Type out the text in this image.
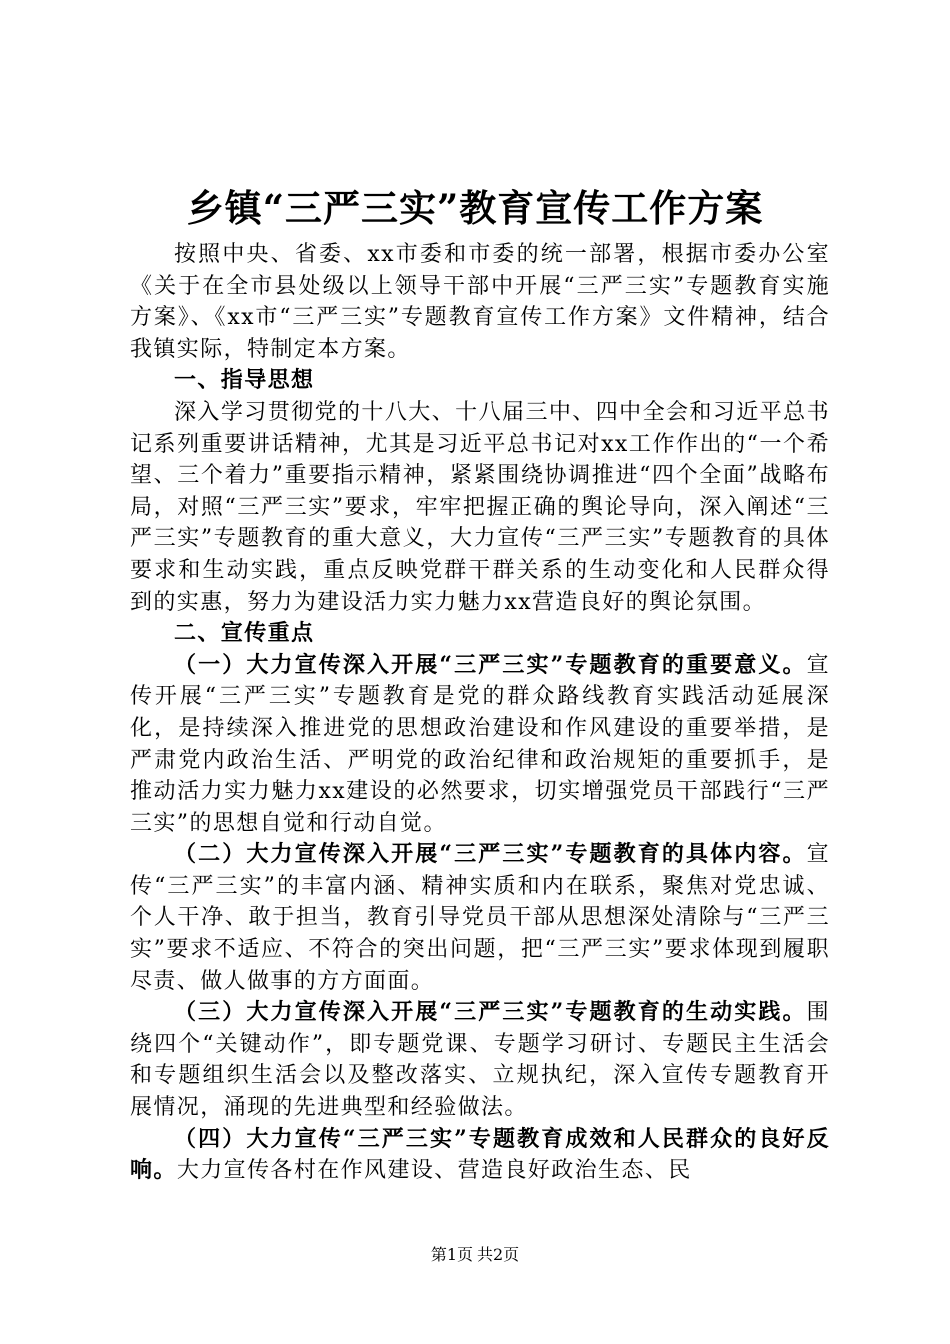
乡镇“三严三实”教育宣传工作方案

按照中央、省委、xx市委和市委的统一部署，根据市委办公室《关于在全市县处级以上领导干部中开展“三严三实”专题教育实施方案》、《xx市“三严三实”专题教育宣传工作方案》文件精神，结合我镇实际，特制定本方案。

一、指导思想

深入学习贯彻党的十八大、十八届三中、四中全会和习近平总书记系列重要讲话精神，尤其是习近平总书记对xx工作作出的“一个希望、三个着力”重要指示精神，紧紧围绕协调推进“四个全面”战略布局，对照“三严三实”要求，牢牢把握正确的舆论导向，深入阐述“三严三实”专题教育的重大意义，大力宣传“三严三实”专题教育的具体要求和生动实践，重点反映党群干群关系的生动变化和人民群众得到的实惠，努力为建设活力实力魅力xx营造良好的舆论氛围。

二、宣传重点

（一）大力宣传深入开展“三严三实”专题教育的重要意义。宣传开展“三严三实”专题教育是党的群众路线教育实践活动延展深化，是持续深入推进党的思想政治建设和作风建设的重要举措，是严肃党内政治生活、严明党的政治纪律和政治规矩的重要抓手，是推动活力实力魅力xx建设的必然要求，切实增强党员干部践行“三严三实”的思想自觉和行动自觉。

（二）大力宣传深入开展“三严三实”专题教育的具体内容。宣传“三严三实”的丰富内涵、精神实质和内在联系，聚焦对党忠诚、个人干净、敢于担当，教育引导党员干部从思想深处清除与“三严三实”要求不适应、不符合的突出问题，把“三严三实”要求体现到履职尽责、做人做事的方方面面。

（三）大力宣传深入开展“三严三实”专题教育的生动实践。围绕四个“关键动作”，即专题党课、专题学习研讨、专题民主生活会和专题组织生活会以及整改落实、立规执纪，深入宣传专题教育开展情况，涌现的先进典型和经验做法。

（四）大力宣传“三严三实”专题教育成效和人民群众的良好反响。大力宣传各村在作风建设、营造良好政治生态、民

第1页 共2页
